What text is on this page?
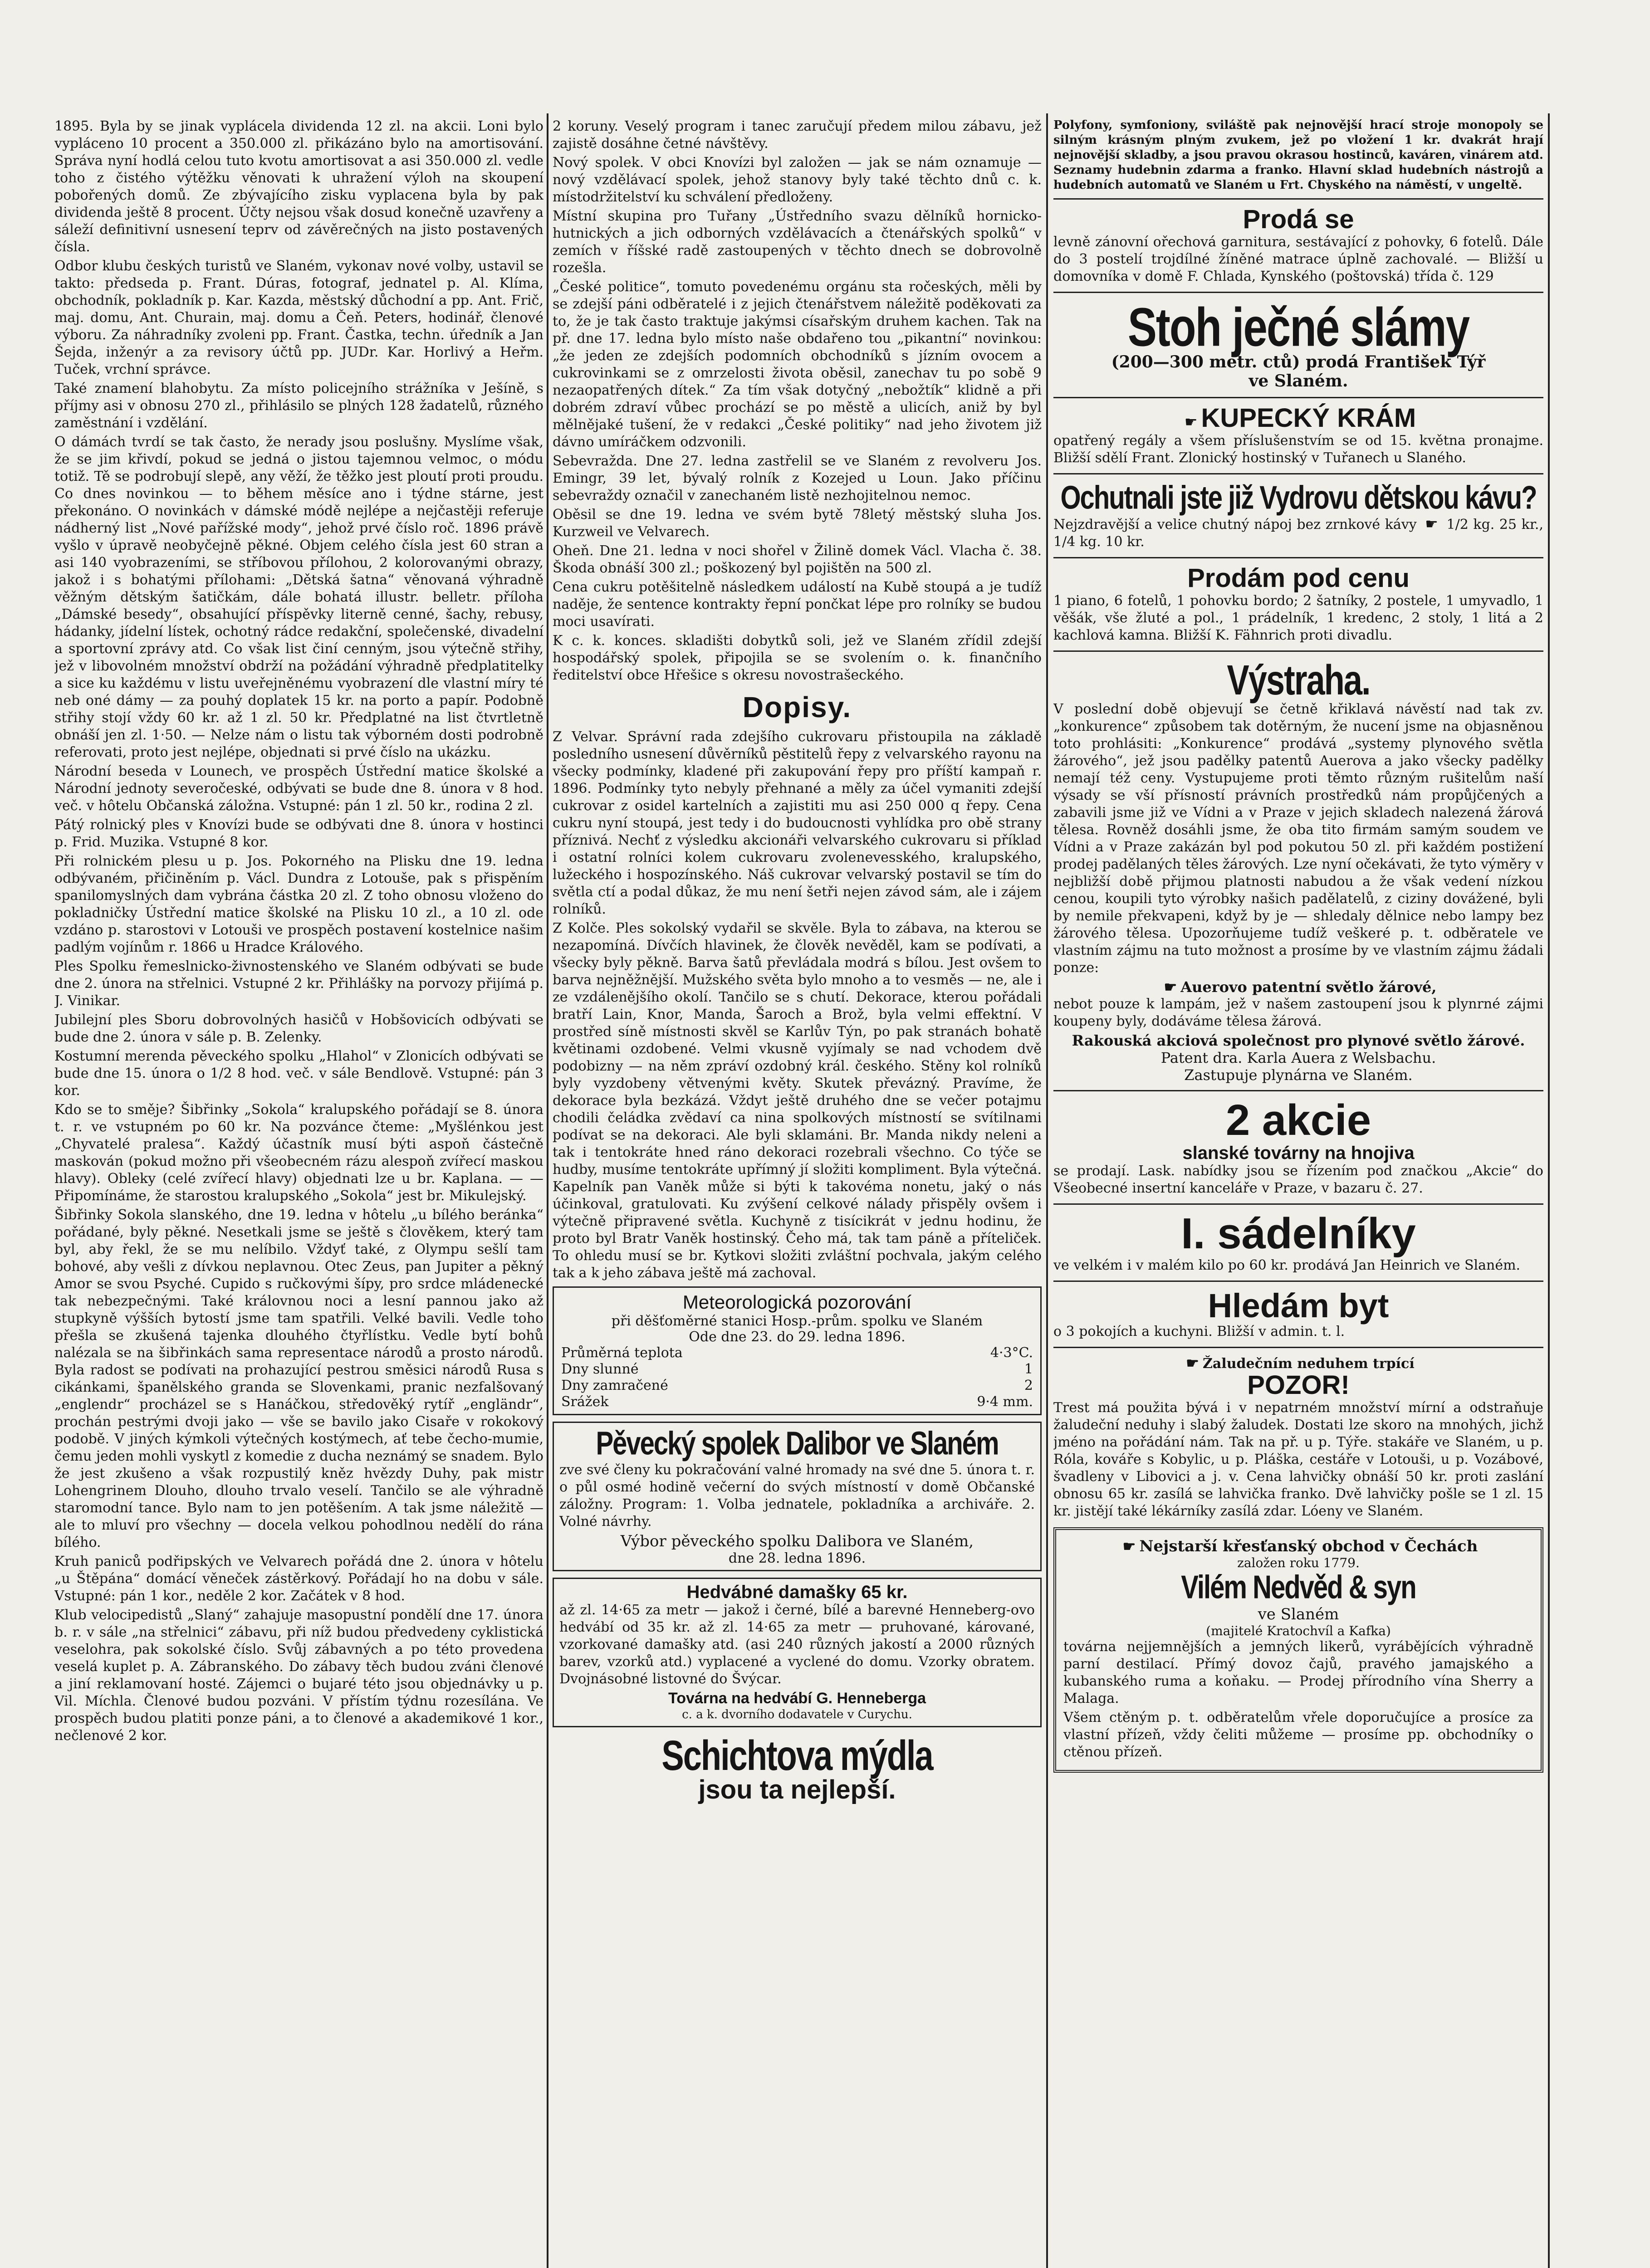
1895. Byla by se jinak vyplácela dividenda 12 zl. na akcii. Loni bylo vypláceno 10 procent a 350.000 zl. přikázáno bylo na amortisování. Správa nyní hodlá celou tuto kvotu amortisovat a asi 350.000 zl. vedle toho z čistého výtěžku věnovati k uhražení výloh na skoupení pobořených domů. Ze zbývajícího zisku vyplacena byla by pak dividenda ještě 8 procent. Účty nejsou však dosud konečně uzavřeny a sáleží definitivní usnesení teprv od závěrečných na jisto postavených čísla.

Odbor klubu českých turistů ve Slaném, vykonav nové volby, ustavil se takto: předseda p. Frant. Dúras, fotograf, jednatel p. Al. Klíma, obchodník, pokladník p. Kar. Kazda, městský důchodní a pp. Ant. Frič, maj. domu, Ant. Churain, maj. domu a Čeň. Peters, hodinář, členové výboru. Za náhradníky zvoleni pp. Frant. Častka, techn. úředník a Jan Šejda, inženýr a za revisory účtů pp. JUDr. Kar. Horlivý a Heřm. Tuček, vrchní správce.

Také znamení blahobytu. Za místo policejního strážníka v Ješíně, s příjmy asi v obnosu 270 zl., přihlásilo se plných 128 žadatelů, různého zaměstnání i vzdělání.

O dámách tvrdí se tak často, že nerady jsou poslušny. Myslíme však, že se jim křivdí, pokud se jedná o jistou tajemnou velmoc, o módu totiž. Tě se podrobují slepě, any věží, že těžko jest ploutí proti proudu. Co dnes novinkou — to během měsíce ano i týdne stárne, jest překonáno. O novinkách v dámské módě nejlépe a nejčastěji referuje nádherný list „Nové pařížské mody“, jehož prvé číslo roč. 1896 právě vyšlo v úpravě neobyčejně pěkné. Objem celého čísla jest 60 stran a asi 140 vyobrazeními, se stříbovou přílohou, 2 kolorovanými obrazy, jakož i s bohatými přílohami: „Dětská šatna“ věnovaná výhradně věžným dětským šatičkám, dále bohatá illustr. belletr. příloha „Dámské besedy“, obsahující příspěvky literně cenné, šachy, rebusy, hádanky, jídelní lístek, ochotný rádce redakční, společenské, divadelní a sportovní zprávy atd. Co však list činí cenným, jsou výtečně střihy, jež v libovolném množství obdrží na požádání výhradně předplatitelky a sice ku každému v listu uveřejněnému vyobrazení dle vlastní míry té neb oné dámy — za pouhý doplatek 15 kr. na porto a papír. Podobně střihy stojí vždy 60 kr. až 1 zl. 50 kr. Předplatné na list čtvrtletně obnáší jen zl. 1·50. — Nelze nám o listu tak výborném dosti podrobně referovati, proto jest nejlépe, objednati si prvé číslo na ukázku.

Národní beseda v Lounech, ve prospěch Ústřední matice školské a Národní jednoty severočeské, odbývati se bude dne 8. února v 8 hod. več. v hôtelu Občanská záložna. Vstupné: pán 1 zl. 50 kr., rodina 2 zl.

Pátý rolnický ples v Knovízi bude se odbývati dne 8. února v hostinci p. Frid. Muzika. Vstupné 8 kor.

Při rolnickém plesu u p. Jos. Pokorného na Plisku dne 19. ledna odbývaném, přičiněním p. Václ. Dundra z Lotouše, pak s přispěním spanilomyslných dam vybrána částka 20 zl. Z toho obnosu vloženo do pokladničky Ústřední matice školské na Plisku 10 zl., a 10 zl. ode vzdáno p. starostovi v Lotouši ve prospěch postavení kostelnice našim padlým vojínům r. 1866 u Hradce Králového.

Ples Spolku řemeslnicko-živnostenského ve Slaném odbývati se bude dne 2. února na střelnici. Vstupné 2 kr. Přihlášky na porvozy přijímá p. J. Vinikar.

Jubilejní ples Sboru dobrovolných hasičů v Hobšovicích odbývati se bude dne 2. února v sále p. B. Zelenky.

Kostumní merenda pěveckého spolku „Hlahol“ v Zlonicích odbývati se bude dne 15. února o 1/2 8 hod. več. v sále Bendlově. Vstupné: pán 3 kor.

Kdo se to směje? Šibřinky „Sokola“ kralupského pořádají se 8. února t. r. ve vstupném po 60 kr. Na pozvánce čteme: „Myšlénkou jest „Chyvatelé pralesa“. Každý účastník musí býti aspoň částečně maskován (pokud možno při všeobecném rázu alespoň zvířecí maskou hlavy). Obleky (celé zvířecí hlavy) objednati lze u br. Kaplana. — — Připomínáme, že starostou kralupského „Sokola“ jest br. Mikulejský.

Šibřinky Sokola slanského, dne 19. ledna v hôtelu „u bílého beránka“ pořádané, byly pěkné. Nesetkali jsme se ještě s člověkem, který tam byl, aby řekl, že se mu nelíbilo. Vždyť také, z Olympu sešlí tam bohové, aby vešli z dívkou neplavnou. Otec Zeus, pan Jupiter a pěkný Amor se svou Psyché. Cupido s ručkovými šípy, pro srdce mládenecké tak nebezpečnými. Také královnou noci a lesní pannou jako až stupkyně výšších bytostí jsme tam spatřili. Velké bavili. Vedle toho přešla se zkušená tajenka dlouhého čtyřlístku. Vedle bytí bohů nalézala se na šibřinkách sama representace národů a prosto národů. Byla radost se podívati na prohazující pestrou směsici národů Rusa s cikánkami, španělského granda se Slovenkami, pranic nezfalšovaný „englendr“ procházel se s Hanáčkou, středověký rytíř „engländr“, prochán pestrými dvoji jako — vše se bavilo jako Cisaře v rokokový podobě. V jiných kýmkoli výtečných kostýmech, ať tebe čecho-mumie, čemu jeden mohli vyskytl z komedie z ducha neznámý se snadem. Bylo že jest zkušeno a však rozpustilý kněz hvězdy Duhy, pak mistr Lohengrinem Dlouho, dlouho trvalo veselí. Tančilo se ale výhradně staromodní tance. Bylo nam to jen potěšením. A tak jsme náležitě — ale to mluví pro všechny — docela velkou pohodlnou nedělí do rána bílého.

Kruh paniců podřipských ve Velvarech pořádá dne 2. února v hôtelu „u Štěpána“ domácí věneček zástěrkový. Pořádají ho na dobu v sále. Vstupné: pán 1 kor., neděle 2 kor. Začátek v 8 hod.

Klub velocipedistů „Slaný“ zahajuje masopustní pondělí dne 17. února b. r. v sále „na střelnici“ zábavu, při níž budou předvedeny cyklistická veselohra, pak sokolské číslo. Svůj zábavných a po této provedena veselá kuplet p. A. Zábranského. Do zábavy těch budou zváni členové a jiní reklamovaní hosté. Zájemci o bujaré této jsou objednávky u p. Vil. Míchla. Členové budou pozváni. V přístím týdnu rozesílána. Ve prospěch budou platiti ponze páni, a to členové a akademikové 1 kor., nečlenové 2 kor.

2 koruny. Veselý program i tanec zaručují předem milou zábavu, jež zajistě dosáhne četné návštěvy.

Nový spolek. V obci Knovízi byl založen — jak se nám oznamuje — nový vzdělávací spolek, jehož stanovy byly také těchto dnů c. k. místodržitelství ku schválení předloženy.

Místní skupina pro Tuřany „Ústředního svazu dělníků hornicko-hutnických a jich odborných vzdělávacích a čtenářských spolků“ v zemích v říšské radě zastoupených v těchto dnech se dobrovolně rozešla.

„České politice“, tomuto povedenému orgánu sta ročeských, měli by se zdejší páni odběratelé i z jejich čtenářstvem náležitě poděkovati za to, že je tak často traktuje jakýmsi císařským druhem kachen. Tak na př. dne 17. ledna bylo místo naše obdařeno tou „pikantní“ novinkou: „že jeden ze zdejších podomních obchodníků s jízním ovocem a cukrovinkami se z omrzelosti života oběsil, zanechav tu po sobě 9 nezaopatřených dítek.“ Za tím však dotyčný „nebožtík“ klidně a při dobrém zdraví vůbec prochází se po městě a ulicích, aniž by byl mělnějaké tušení, že v redakci „České politiky“ nad jeho životem již dávno umíráčkem odzvonili.

Sebevražda. Dne 27. ledna zastřelil se ve Slaném z revolveru Jos. Emingr, 39 let, bývalý rolník z Kozejed u Loun. Jako příčinu sebevraždy označil v zanechaném listě nezhojitelnou nemoc.

Oběsil se dne 19. ledna ve svém bytě 78letý městský sluha Jos. Kurzweil ve Velvarech.

Oheň. Dne 21. ledna v noci shořel v Žilině domek Václ. Vlacha č. 38. Škoda obnáší 300 zl.; poškozený byl pojištěn na 500 zl.

Cena cukru potěšitelně následkem událostí na Kubě stoupá a je tudíž naděje, že sentence kontrakty řepní pončkat lépe pro rolníky se budou moci usavírati.

K c. k. konces. skladišti dobytků soli, jež ve Slaném zřídil zdejší hospodářský spolek, připojila se se svolením o. k. finančního ředitelství obce Hřešice s okresu novostrašeckého.

Dopisy.

Z Velvar. Správní rada zdejšího cukrovaru přistoupila na základě posledního usnesení důvěrníků pěstitelů řepy z velvarského rayonu na všecky podmínky, kladené při zakupování řepy pro příští kampaň r. 1896. Podmínky tyto nebyly přehnané a měly za účel vymaniti zdejší cukrovar z osidel kartelních a zajistiti mu asi 250 000 q řepy. Cena cukru nyní stoupá, jest tedy i do budoucnosti vyhlídka pro obě strany příznivá. Nechť z výsledku akcionáři velvarského cukrovaru si příklad i ostatní rolníci kolem cukrovaru zvolenevesského, kralupského, lužeckého i hospozínského. Náš cukrovar velvarský postavil se tím do světla ctí a podal důkaz, že mu není šetři nejen závod sám, ale i zájem rolníků.

Z Kolče. Ples sokolský vydařil se skvěle. Byla to zábava, na kterou se nezapomíná. Dívčích hlavinek, že člověk nevěděl, kam se podívati, a všecky byly pěkně. Barva šatů převládala modrá s bílou. Jest ovšem to barva nejněžnější. Mužského světa bylo mnoho a to vesměs — ne, ale i ze vzdálenějšího okolí. Tančilo se s chutí. Dekorace, kterou pořádali bratří Lain, Knor, Manda, Šaroch a Brož, byla velmi effektní. V prostřed síně místnosti skvěl se Karlův Týn, po pak stranách bohatě květinami ozdobené. Velmi vkusně vyjímaly se nad vchodem dvě podobizny — na něm zpráví ozdobný král. českého. Stěny kol rolníků byly vyzdobeny větvenými květy. Skutek převázný. Pravíme, že dekorace byla bezkázá. Vždyt ještě druhého dne se večer potajmu chodili čeládka zvědaví ca nina spolkových místností se svítilnami podívat se na dekoraci. Ale byli sklamáni. Br. Manda nikdy neleni a tak i tentokráte hned ráno dekoraci rozebrali všechno. Co týče se hudby, musíme tentokráte upřímný jí složiti kompliment. Byla výtečná. Kapelník pan Vaněk může si býti k takovéma nonetu, jaký o nás účinkoval, gratulovati. Ku zvýšení celkové nálady přispěly ovšem i výtečně připravené světla. Kuchyně z tisícikrát v jednu hodinu, že proto byl Bratr Vaněk hostinský. Čeho má, tak tam páně a příteliček. To ohledu musí se br. Kytkovi složiti zvláštní pochvala, jakým celého tak a k jeho zábava ještě má zachoval.

Meteorologická pozorování
při děšťoměrné stanici Hosp.-prům. spolku ve Slaném
Ode dne 23. do 29. ledna 1896.
Průměrná teplota	4·3°C.
Dny slunné	1
Dny zamračené	2
Srážek	9·4 mm.
Pěvecký spolek Dalibor ve Slaném

zve své členy ku pokračování valné hromady na své dne 5. února t. r. o půl osmé hodině večerní do svých místností v domě Občanské záložny. Program: 1. Volba jednatele, pokladníka a archiváře. 2. Volné návrhy.

Výbor pěveckého spolku Dalibora ve Slaném,
dne 28. ledna 1896.
Hedvábné damašky 65 kr.

až zl. 14·65 za metr — jakož i černé, bílé a barevné Henneberg-ovo hedvábí od 35 kr. až zl. 14·65 za metr — pruhované, kárované, vzorkované damašky atd. (asi 240 různých jakostí a 2000 různých barev, vzorků atd.) vyplacené a vyclené do domu. Vzorky obratem. Dvojnásobné listovné do Švýcar.

Továrna na hedvábí G. Henneberga
c. a k. dvorního dodavatele v Curychu.
Schichtova mýdla
jsou ta nejlepší.

Polyfony, symfoniony, sviláště pak nejnovější hrací stroje monopoly se silným krásným plným zvukem, jež po vložení 1 kr. dvakrát hrají nejnovější skladby, a jsou pravou okrasou hostinců, kaváren, vinárem atd. Seznamy hudebnin zdarma a franko. Hlavní sklad hudebních nástrojů a hudebních automatů ve Slaném u Frt. Chyského na náměstí, v ungeltě.

Prodá se

levně zánovní ořechová garnitura, sestávající z pohovky, 6 fotelů. Dále do 3 postelí trojdílné žíněné matrace úplně zachovalé. — Bližší u domovníka v domě F. Chlada, Kynského (poštovská) třída č. 129

Stoh ječné slámy
(200—300 metr. ctů) prodá František Týř
ve Slaném.
☛ KUPECKÝ KRÁM

opatřený regály a všem příslušenstvím se od 15. května pronajme. Bližší sdělí Frant. Zlonický hostinský v Tuřanech u Slaného.

Ochutnali jste již Vydrovu dětskou kávu?

Nejzdravější a velice chutný nápoj bez zrnkové kávy ☛ 1/2 kg. 25 kr., 1/4 kg. 10 kr.

Prodám pod cenu

1 piano, 6 fotelů, 1 pohovku bordo; 2 šatníky, 2 postele, 1 umyvadlo, 1 věšák, vše žluté a pol., 1 prádelník, 1 kredenc, 2 stoly, 1 litá a 2 kachlová kamna. Bližší K. Fähnrich proti divadlu.

Výstraha.

V poslední době objevují se četně křiklavá návěstí nad tak zv. „konkurence“ způsobem tak dotěrným, že nucení jsme na objasněnou toto prohlásiti: „Konkurence“ prodává „systemy plynového světla žárového“, jež jsou padělky patentů Auerova a jako všecky padělky nemají též ceny. Vystupujeme proti těmto různým rušitelům naší výsady se vší přísností právních prostředků nám propůjčených a zabavili jsme již ve Vídni a v Praze v jejich skladech nalezená žárová tělesa. Rovněž dosáhli jsme, že oba tito firmám samým soudem ve Vídni a v Praze zakázán byl pod pokutou 50 zl. při každém postižení prodej padělaných těles žárových. Lze nyní očekávati, že tyto výměry v nejbližší době přijmou platnosti nabudou a že však vedení nízkou cenou, koupili tyto výrobky našich padělatelů, z ciziny dovážené, byli by nemile překvapeni, když by je — shledaly dělnice nebo lampy bez žárového tělesa. Upozorňujeme tudíž veškeré p. t. odběratele ve vlastním zájmu na tuto možnost a prosíme by ve vlastním zájmu žádali ponze:

☛ Auerovo patentní světlo žárové,

nebot pouze k lampám, jež v našem zastoupení jsou k plynrné zájmi koupeny byly, dodáváme tělesa žárová.

Rakouská akciová společnost pro plynové světlo žárové.
Patent dra. Karla Auera z Welsbachu.
Zastupuje plynárna ve Slaném.
2 akcie
slanské továrny na hnojiva

se prodají. Lask. nabídky jsou se řízením pod značkou „Akcie“ do Všeobecné insertní kanceláře v Praze, v bazaru č. 27.

I. sádelníky

ve velkém i v malém kilo po 60 kr. prodává Jan Heinrich ve Slaném.

Hledám byt

o 3 pokojích a kuchyni. Bližší v admin. t. l.

☛ Žaludečním neduhem trpící
POZOR!

Trest má použita bývá i v nepatrném množství mírní a odstraňuje žaludeční neduhy i slabý žaludek. Dostati lze skoro na mnohých, jichž jméno na pořádání nám. Tak na př. u p. Týře. stakáře ve Slaném, u p. Róla, kováře s Kobylic, u p. Pláška, cestáře v Lotouši, u p. Vozábové, švadleny v Libovici a j. v. Cena lahvičky obnáší 50 kr. proti zaslání obnosu 65 kr. zasílá se lahvička franko. Dvě lahvičky pošle se 1 zl. 15 kr. jistějí také lékárníky zasílá zdar. Lóeny ve Slaném.

☛ Nejstarší křesťanský obchod v Čechách
založen roku 1779.
Vilém Nedvěd & syn
ve Slaném
(majitelé Kratochvíl a Kafka)

továrna nejjemnějších a jemných likerů, vyrábějících výhradně parní destilací. Přímý dovoz čajů, pravého jamajského a kubanského ruma a koňaku. — Prodej přírodního vína Sherry a Malaga.

Všem ctěným p. t. odběratelům vřele doporučujíce a prosíce za vlastní přízeň, vždy čeliti můžeme — prosíme pp. obchodníky o ctěnou přízeň.
